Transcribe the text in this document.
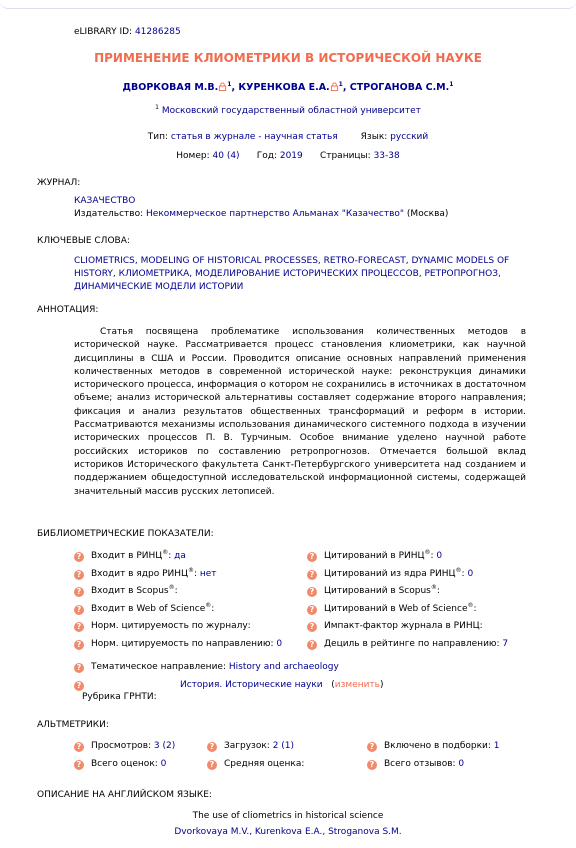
eLIBRARY ID: 41286285
ПРИМЕНЕНИЕ КЛИОМЕТРИКИ В ИСТОРИЧЕСКОЙ НАУКЕ
ДВОРКОВАЯ М.В. $^1$, КУРЕНКОВА Е.А. $^1$, СТРОГАНОВА С.М.$^1$
$^1$ Московский государственный областной университет
Тип: статья в журнале - научная статья	Язык: русский
Номер: 40 (4) Год: 2019 Страницы: 33-38
ЖУРНАЛ:
КАЗАЧЕСТВО
Издательство: Некоммерческое партнерство Альманах "Казачество" (Москва)
КЛЮЧЕВЫЕ СЛОВА:
CLIOMETRICS, MODELING OF HISTORICAL PROCESSES, RETRO-FORECAST, DYNAMIC MODELS OF HISTORY, КЛИОМЕТРИКА, МОДЕЛИРОВАНИЕ ИСТОРИЧЕСКИХ ПРОЦЕССОВ, РЕТРОПРОГНОЗ, ДИНАМИЧЕСКИЕ МОДЕЛИ ИСТОРИИ
АННОТАЦИЯ:
Статья посвящена проблематике использования количественных методов в исторической науке. Рассматривается процесс становления клиометрики, как научной дисциплины в США и России. Проводится описание основных направлений применения количественных методов в современной исторической науке: реконструкция динамики исторического процесса, информация о котором не сохранились в источниках в достаточном объеме; анализ исторической альтернативы составляет содержание второго направления; фиксация и анализ результатов общественных трансформаций и реформ в истории. Рассматриваются механизмы использования динамического системного подхода в изучении исторических процессов П. В. Турчиным. Особое внимание уделено научной работе российских историков по составлению ретропрогнозов. Отмечается большой вклад историков Исторического факультета Санкт-Петербургского университета над созданием и поддержанием общедоступной исследовательской информационной системы, содержащей значительный массив русских летописей.
БИБЛИОМЕТРИЧЕСКИЕ ПОКАЗАТЕЛИ:
? Входит в РИНЦ®: да
? Входит в ядро РИНЦ®: нет
? Входит в Scopus®:
? Входит в Web of Science®:
? Норм. цитируемость по журналу:
? Норм. цитируемость по направлению: 0
? Цитирований в РИНЦ®: 0
? Цитирований из ядра РИНЦ®: 0
? Цитирований в Scopus®:
? Цитирований в Web of Science®:
? Импакт-фактор журнала в РИНЦ:
? Дециль в рейтинге по направлению: 7
? Тематическое направление: History and archaeology
?	История. Исторические науки (изменить)
Рубрика ГРНТИ:
АЛЬТМЕТРИКИ:
? Просмотров: 3 (2)	? Загрузок: 2 (1)	? Включено в подборки: 1
? Всего оценок: 0	? Средняя оценка:	? Всего отзывов: 0
ОПИСАНИЕ НА АНГЛИЙСКОМ ЯЗЫКЕ:
The use of cliometrics in historical science
Dvorkovaya M.V., Kurenkova E.A., Stroganova S.M.
